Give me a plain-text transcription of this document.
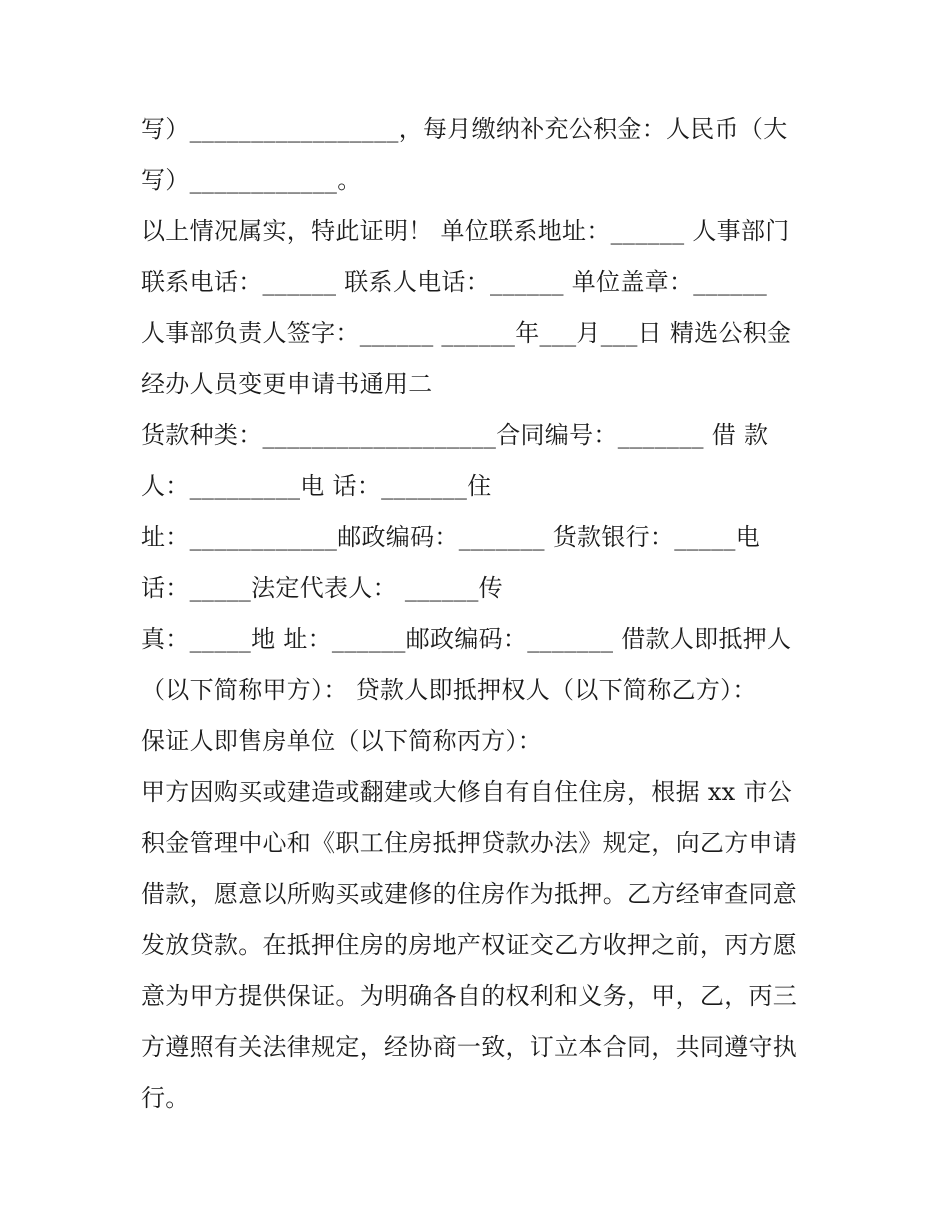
写）_________________，每月缴纳补充公积金：人民币（大
写）____________。
以上情况属实，特此证明！ 单位联系地址：______ 人事部门
联系电话：______ 联系人电话：______ 单位盖章：______
人事部负责人签字：______ ______年___月___日 精选公积金
经办人员变更申请书通用二
货款种类：___________________合同编号：_______ 借 款
人：_________电 话：_______住
址：____________邮政编码：_______ 货款银行：_____电
话：_____法定代表人： ______传
真：_____地 址：______邮政编码：_______ 借款人即抵押人
（以下简称甲方）： 贷款人即抵押权人（以下简称乙方）：
保证人即售房单位（以下简称丙方）：
甲方因购买或建造或翻建或大修自有自住住房，根据 xx 市公
积金管理中心和《职工住房抵押贷款办法》规定，向乙方申请
借款，愿意以所购买或建修的住房作为抵押。乙方经审查同意
发放贷款。在抵押住房的房地产权证交乙方收押之前，丙方愿
意为甲方提供保证。为明确各自的权利和义务，甲，乙，丙三
方遵照有关法律规定，经协商一致，订立本合同，共同遵守执
行。
